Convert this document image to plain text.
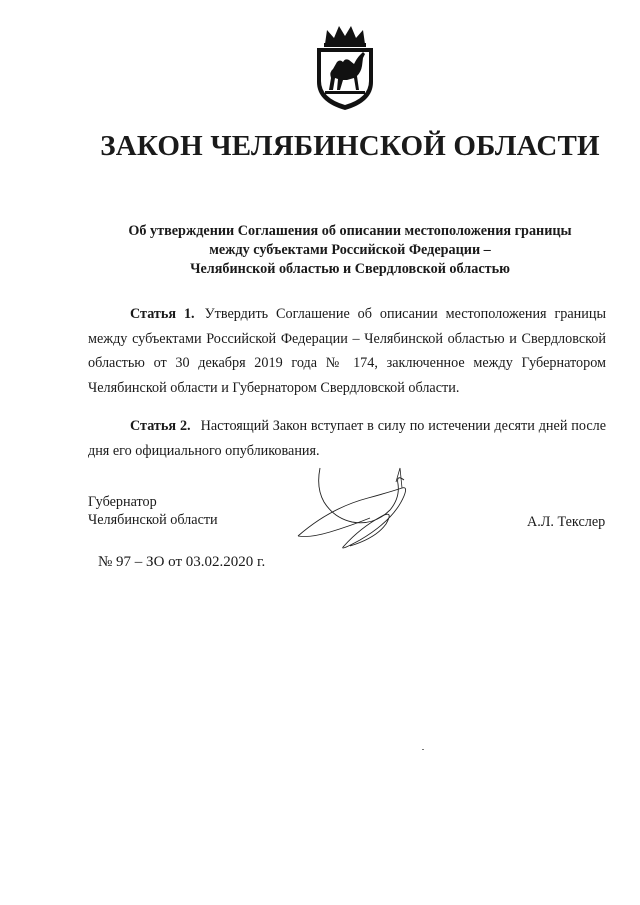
ЗАКОН ЧЕЛЯБИНСКОЙ ОБЛАСТИ
Об утверждении Соглашения об описании местоположения границы
между субъектами Российской Федерации –
Челябинской областью и Свердловской областью

Статья 1. Утвердить Соглашение об описании местоположения границы между субъектами Российской Федерации – Челябинской областью и Свердловской областью от 30 декабря 2019 года № 174, заключенное между Губернатором Челябинской области и Губернатором Свердловской области.

Статья 2. Настоящий Закон вступает в силу по истечении десяти дней после дня его официального опубликования.

Губернатор
Челябинской области	А.Л. Текслер
№ 97 – ЗО от 03.02.2020 г.
